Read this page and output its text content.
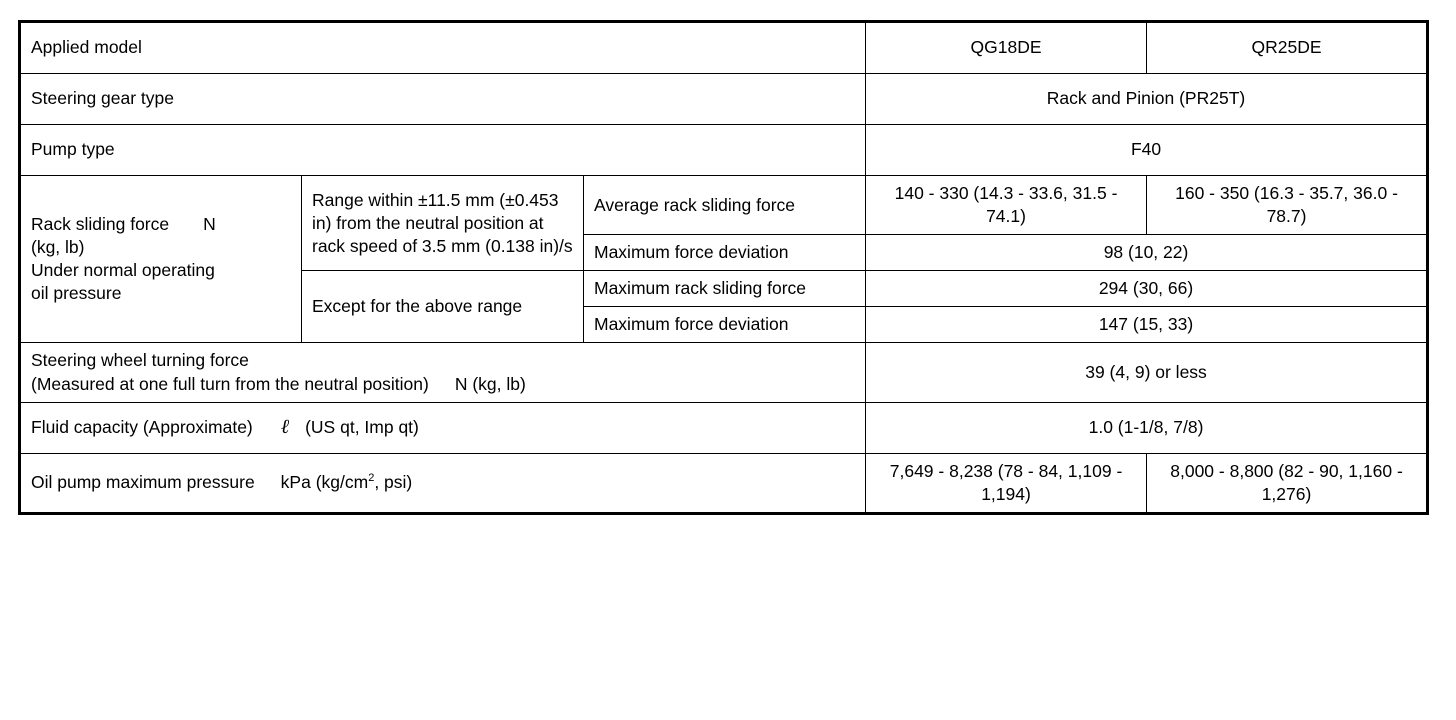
Applied model			QG18DE	QR25DE
Steering gear type			Rack and Pinion (PR25T)	
Pump type			F40	

Rack sliding force N
(kg, lb)
Under normal operating
oil pressure	Range within ±11.5 mm (±0.453 in) from the neutral position at rack speed of 3.5 mm (0.138 in)/s	Average rack sliding force	140 - 330 (14.3 - 33.6, 31.5 - 74.1)	160 - 350 (16.3 - 35.7, 36.0 - 78.7)
		Maximum force deviation	98 (10, 22)	
	Except for the above range	Maximum rack sliding force	294 (30, 66)	
		Maximum force deviation	147 (15, 33)	

Steering wheel turning force
(Measured at one full turn from the neutral position) N (kg, lb)			39 (4, 9) or less	
Fluid capacity (Approximate) ℓ (US qt, Imp qt)			1.0 (1-1/8, 7/8)	
Oil pump maximum pressure kPa ($kg/cm^2$, psi)			7,649 - 8,238 (78 - 84, 1,109 - 1,194)	8,000 - 8,800 (82 - 90, 1,160 - 1,276)
